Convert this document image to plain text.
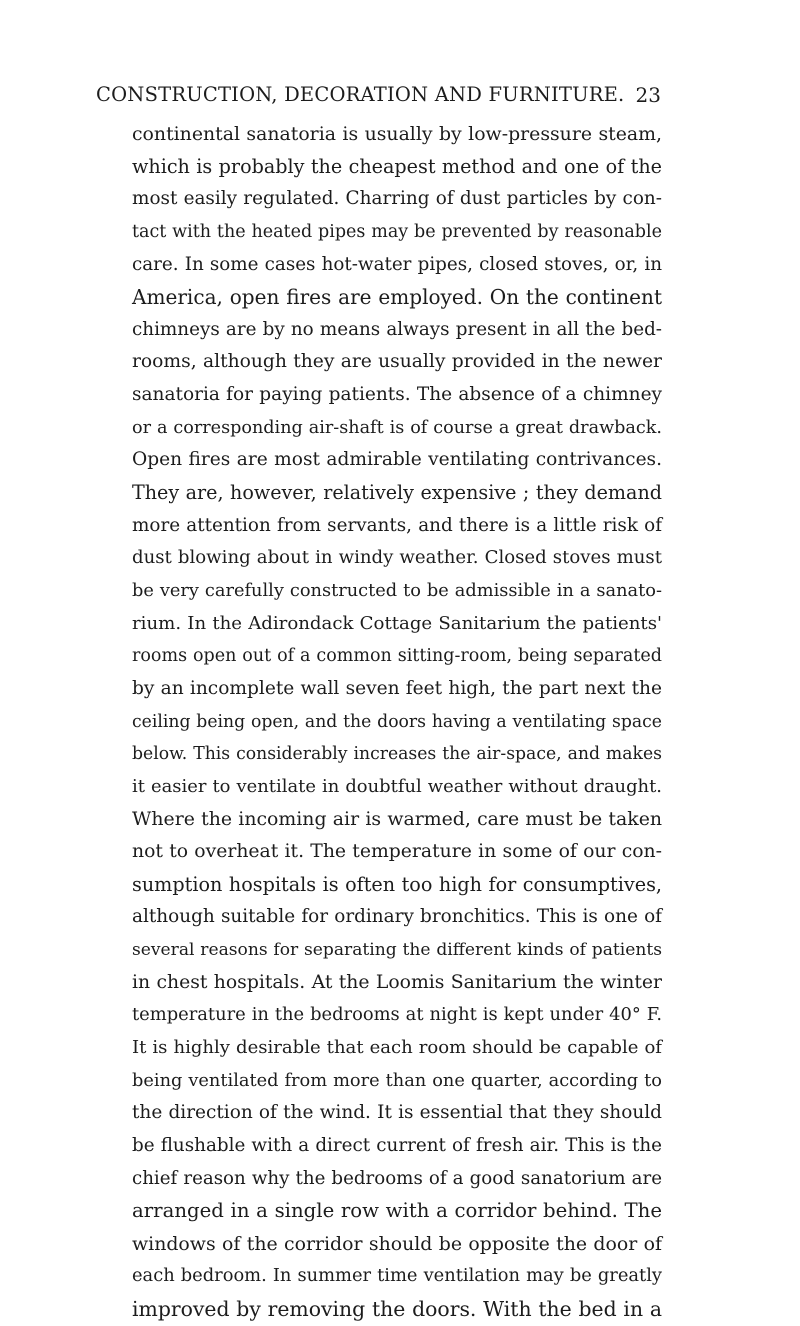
CONSTRUCTION, DECORATION AND FURNITURE. 23
continental sanatoria is usually by low-pressure steam,
which is probably the cheapest method and one of the
most easily regulated. Charring of dust particles by con-
tact with the heated pipes may be prevented by reasonable
care. In some cases hot-water pipes, closed stoves, or, in
America, open fires are employed. On the continent
chimneys are by no means always present in all the bed-
rooms, although they are usually provided in the newer
sanatoria for paying patients. The absence of a chimney
or a corresponding air-shaft is of course a great drawback.
Open fires are most admirable ventilating contrivances.
They are, however, relatively expensive ; they demand
more attention from servants, and there is a little risk of
dust blowing about in windy weather. Closed stoves must
be very carefully constructed to be admissible in a sanato-
rium. In the Adirondack Cottage Sanitarium the patients'
rooms open out of a common sitting-room, being separated
by an incomplete wall seven feet high, the part next the
ceiling being open, and the doors having a ventilating space
below. This considerably increases the air-space, and makes
it easier to ventilate in doubtful weather without draught.
Where the incoming air is warmed, care must be taken
not to overheat it. The temperature in some of our con-
sumption hospitals is often too high for consumptives,
although suitable for ordinary bronchitics. This is one of
several reasons for separating the different kinds of patients
in chest hospitals. At the Loomis Sanitarium the winter
temperature in the bedrooms at night is kept under 40° F.
It is highly desirable that each room should be capable of
being ventilated from more than one quarter, according to
the direction of the wind. It is essential that they should
be flushable with a direct current of fresh air. This is the
chief reason why the bedrooms of a good sanatorium are
arranged in a single row with a corridor behind. The
windows of the corridor should be opposite the door of
each bedroom. In summer time ventilation may be greatly
improved by removing the doors. With the bed in a
